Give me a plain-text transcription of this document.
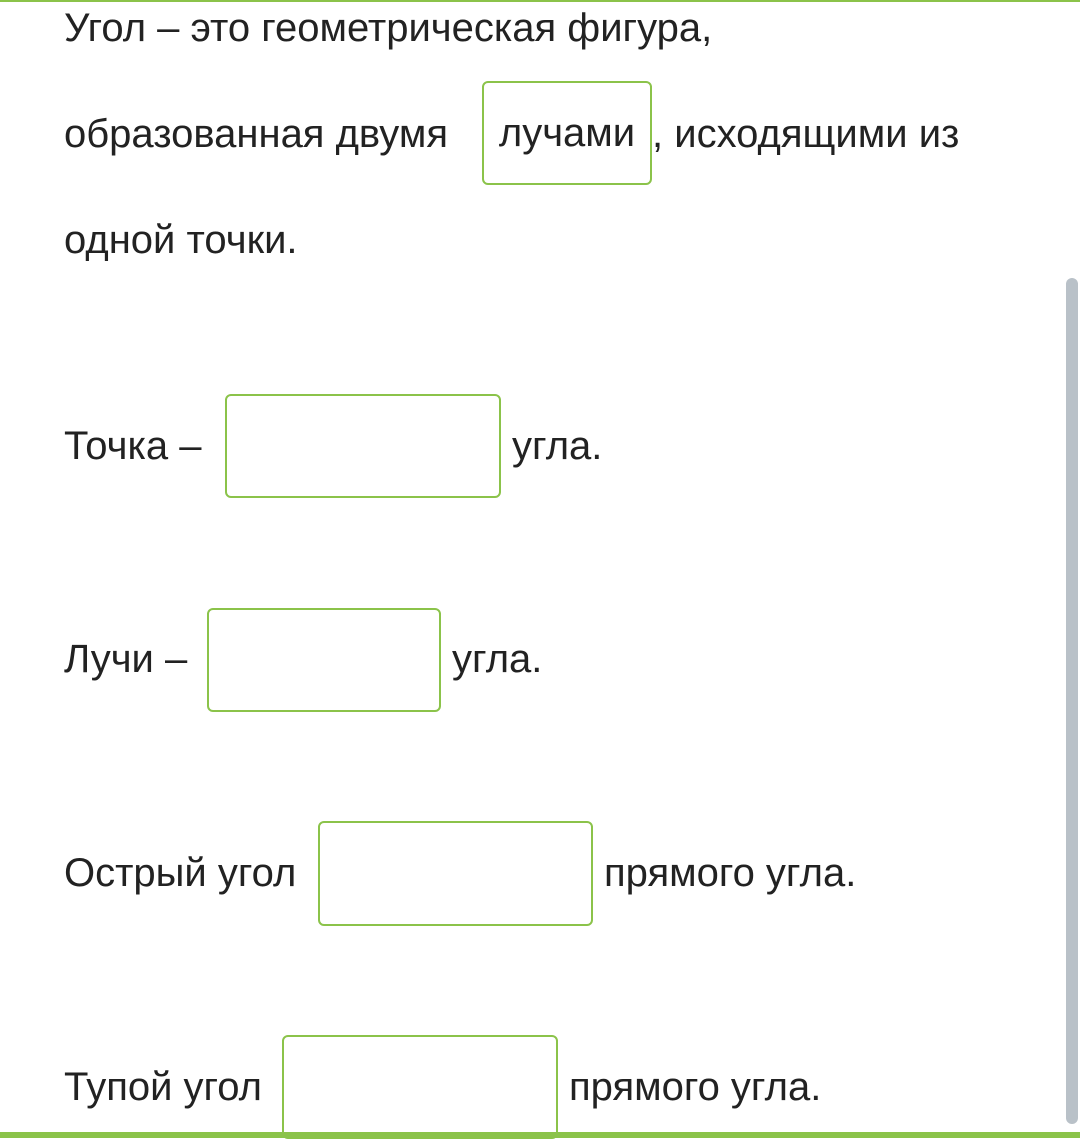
Угол – это геометрическая фигура,
образованная двумя
лучами	, исходящими из
одной точки.
Точка –	угла.
Лучи –	угла.
Острый угол	прямого угла.
Тупой угол	прямого угла.
